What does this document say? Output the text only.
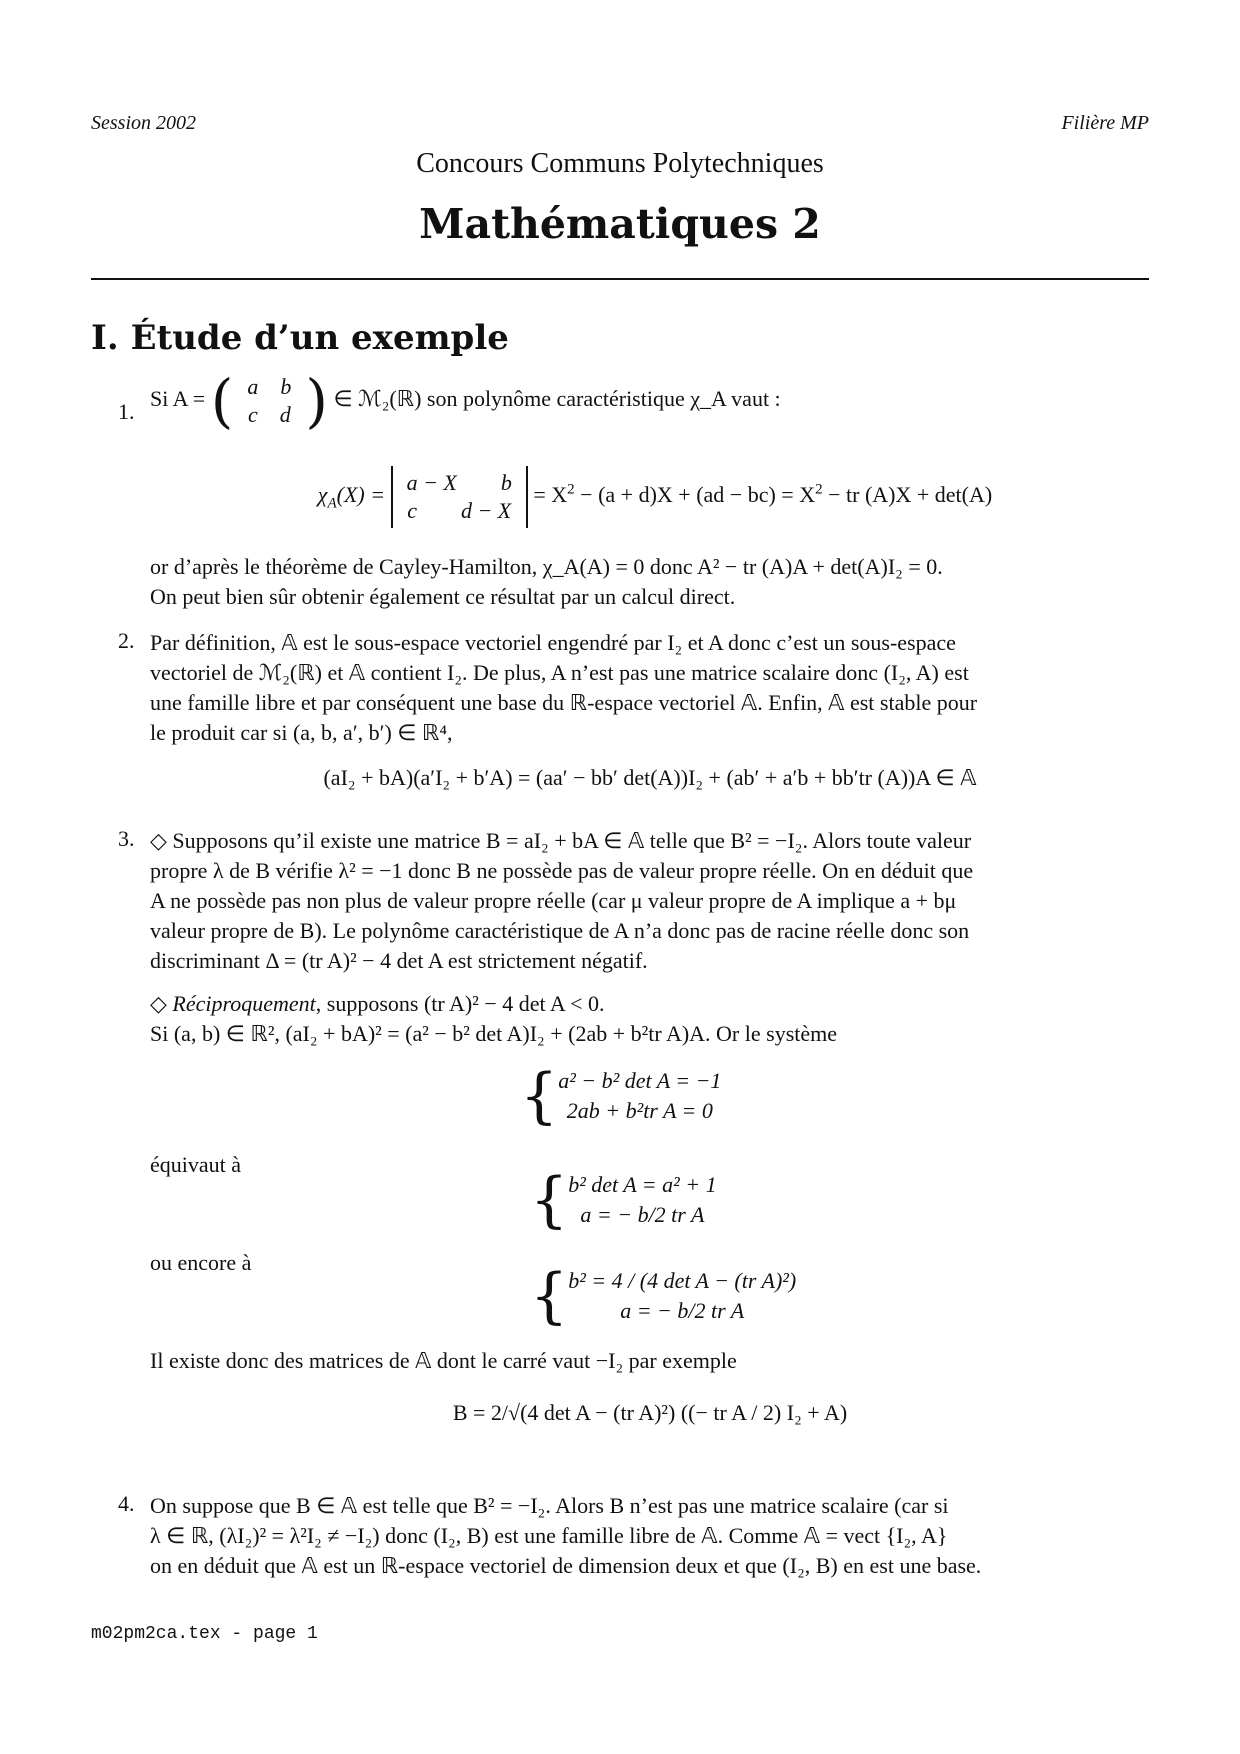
Session 2002	Filière MP
Concours Communs Polytechniques
Mathématiques 2
I. Étude d’un exemple
1.
Si A = ( a b
c d ) ∈ ℳ₂(ℝ) son polynôme caractéristique χ_A vaut :
$\chi_A(X) = a - X$ b
c d − X
= $X^2 - (a + d)X + (ad - bc) = X^2$ − tr (A)X + det(A)
or d’après le théorème de Cayley-Hamilton, χ_A(A) = 0 donc A² − tr (A)A + det(A)I₂ = 0.
On peut bien sûr obtenir également ce résultat par un calcul direct.
2. Par définition, 𝔸 est le sous-espace vectoriel engendré par I₂ et A donc c’est un sous-espace
vectoriel de ℳ₂(ℝ) et 𝔸 contient I₂. De plus, A n’est pas une matrice scalaire donc (I₂, A) est
une famille libre et par conséquent une base du ℝ-espace vectoriel 𝔸. Enfin, 𝔸 est stable pour
le produit car si (a, b, a′, b′) ∈ ℝ⁴,
(aI₂ + bA)(a′I₂ + b′A) = (aa′ − bb′ det(A))I₂ + (ab′ + a′b + bb′tr (A))A ∈ 𝔸
3. ◇ Supposons qu’il existe une matrice B = aI₂ + bA ∈ 𝔸 telle que B² = −I₂. Alors toute valeur
propre λ de B vérifie λ² = −1 donc B ne possède pas de valeur propre réelle. On en déduit que
A ne possède pas non plus de valeur propre réelle (car μ valeur propre de A implique a + bμ
valeur propre de B). Le polynôme caractéristique de A n’a donc pas de racine réelle donc son
discriminant Δ = (tr A)² − 4 det A est strictement négatif.
◇ Réciproquement, supposons (tr A)² − 4 det A < 0.
Si (a, b) ∈ ℝ², (aI₂ + bA)² = (a² − b² det A)I₂ + (2ab + b²tr A)A. Or le système
{ a² − b² det A = −1
2ab + b²tr A = 0
équivaut à
{ b² det A = a² + 1
a = − b/2 tr A
ou encore à	{ b² = 4 / (4 det A − (tr A)²)
a = − b/2 tr A
Il existe donc des matrices de 𝔸 dont le carré vaut −I₂ par exemple
B = 2/√(4 det A − (tr A)²) ((− tr A / 2) I₂ + A)
4. On suppose que B ∈ 𝔸 est telle que B² = −I₂. Alors B n’est pas une matrice scalaire (car si
λ ∈ ℝ, (λI₂)² = λ²I₂ ≠ −I₂) donc (I₂, B) est une famille libre de 𝔸. Comme 𝔸 = vect {I₂, A}
on en déduit que 𝔸 est un ℝ-espace vectoriel de dimension deux et que (I₂, B) en est une base.
m02pm2ca.tex - page 1
